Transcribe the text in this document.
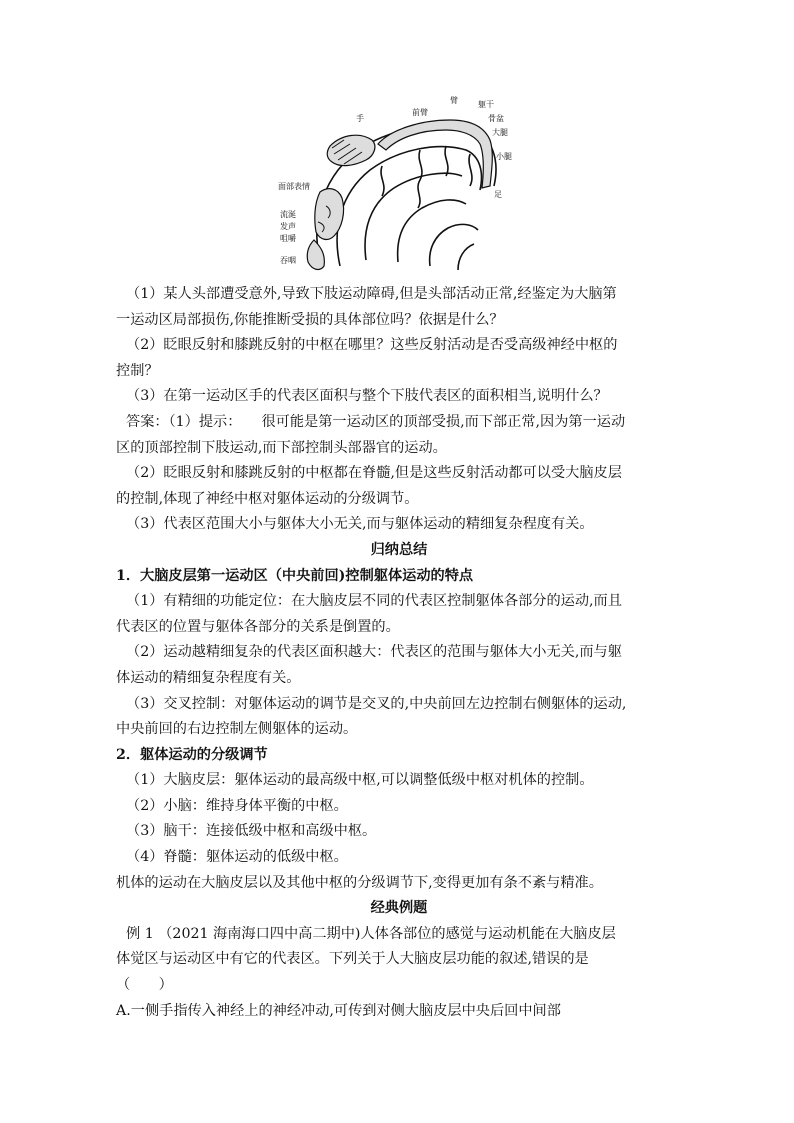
手
前臂
臂	躯干
骨盆
大腿
小腿
足
面部表情
流涎
发声
咀嚼
吞咽

（1）某人头部遭受意外,导致下肢运动障碍,但是头部活动正常,经鉴定为大脑第

一运动区局部损伤,你能推断受损的具体部位吗？依据是什么？

（2）眨眼反射和膝跳反射的中枢在哪里？这些反射活动是否受高级神经中枢的

控制？

（3）在第一运动区手的代表区面积与整个下肢代表区的面积相当,说明什么？

答案：（1）提示： 很可能是第一运动区的顶部受损,而下部正常,因为第一运动

区的顶部控制下肢运动,而下部控制头部器官的运动。

（2）眨眼反射和膝跳反射的中枢都在脊髓,但是这些反射活动都可以受大脑皮层

的控制,体现了神经中枢对躯体运动的分级调节。

（3）代表区范围大小与躯体大小无关,而与躯体运动的精细复杂程度有关。

归纳总结

1．大脑皮层第一运动区（中央前回)控制躯体运动的特点

（1）有精细的功能定位：在大脑皮层不同的代表区控制躯体各部分的运动,而且

代表区的位置与躯体各部分的关系是倒置的。

（2）运动越精细复杂的代表区面积越大：代表区的范围与躯体大小无关,而与躯

体运动的精细复杂程度有关。

（3）交叉控制：对躯体运动的调节是交叉的,中央前回左边控制右侧躯体的运动,

中央前回的右边控制左侧躯体的运动。

2．躯体运动的分级调节

（1）大脑皮层：躯体运动的最高级中枢,可以调整低级中枢对机体的控制。

（2）小脑：维持身体平衡的中枢。

（3）脑干：连接低级中枢和高级中枢。

（4）脊髓：躯体运动的低级中枢。

机体的运动在大脑皮层以及其他中枢的分级调节下,变得更加有条不紊与精准。

经典例题

例 1 （2021 海南海口四中高二期中)人体各部位的感觉与运动机能在大脑皮层

体觉区与运动区中有它的代表区。下列关于人大脑皮层功能的叙述,错误的是

（　　）

A.一侧手指传入神经上的神经冲动,可传到对侧大脑皮层中央后回中间部
